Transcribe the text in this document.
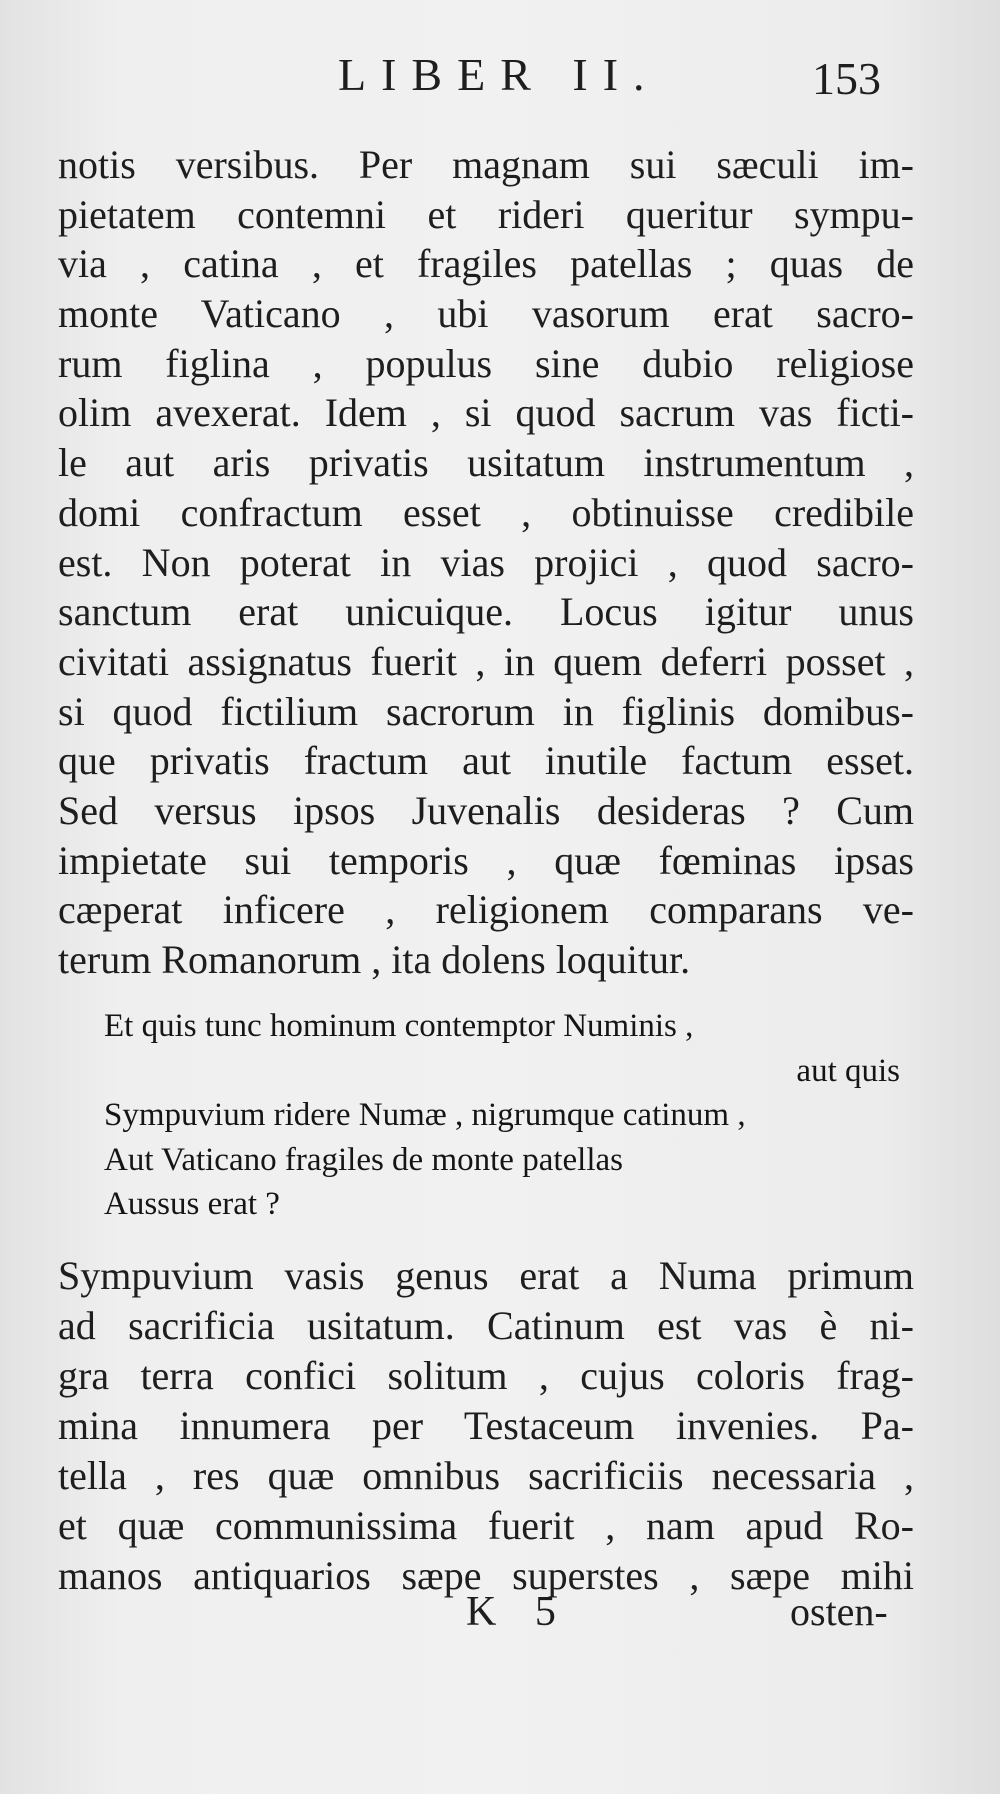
LIBER II.	153
notis versibus. Per magnam sui sæculi im-
pietatem contemni et rideri queritur sympu-
via , catina , et fragiles patellas ; quas de
monte Vaticano , ubi vasorum erat sacro-
rum figlina , populus sine dubio religiose
olim avexerat. Idem , si quod sacrum vas ficti-
le aut aris privatis usitatum instrumentum ,
domi confractum esset , obtinuisse credibile
est. Non poterat in vias projici , quod sacro-
sanctum erat unicuique. Locus igitur unus
civitati assignatus fuerit , in quem deferri posset ,
si quod fictilium sacrorum in figlinis domibus-
que privatis fractum aut inutile factum esset.
Sed versus ipsos Juvenalis desideras ? Cum
impietate sui temporis , quæ fœminas ipsas
cæperat inficere , religionem comparans ve-
terum Romanorum , ita dolens loquitur.
Et quis tunc hominum contemptor Numinis ,
aut quis
Sympuvium ridere Numæ , nigrumque catinum ,
Aut Vaticano fragiles de monte patellas
Aussus erat ?
Sympuvium vasis genus erat a Numa primum
ad sacrificia usitatum. Catinum est vas è ni-
gra terra confici solitum , cujus coloris frag-
mina innumera per Testaceum invenies. Pa-
tella , res quæ omnibus sacrificiis necessaria ,
et quæ communissima fuerit , nam apud Ro-
manos antiquarios sæpe superstes , sæpe mihi
K 5	osten-
